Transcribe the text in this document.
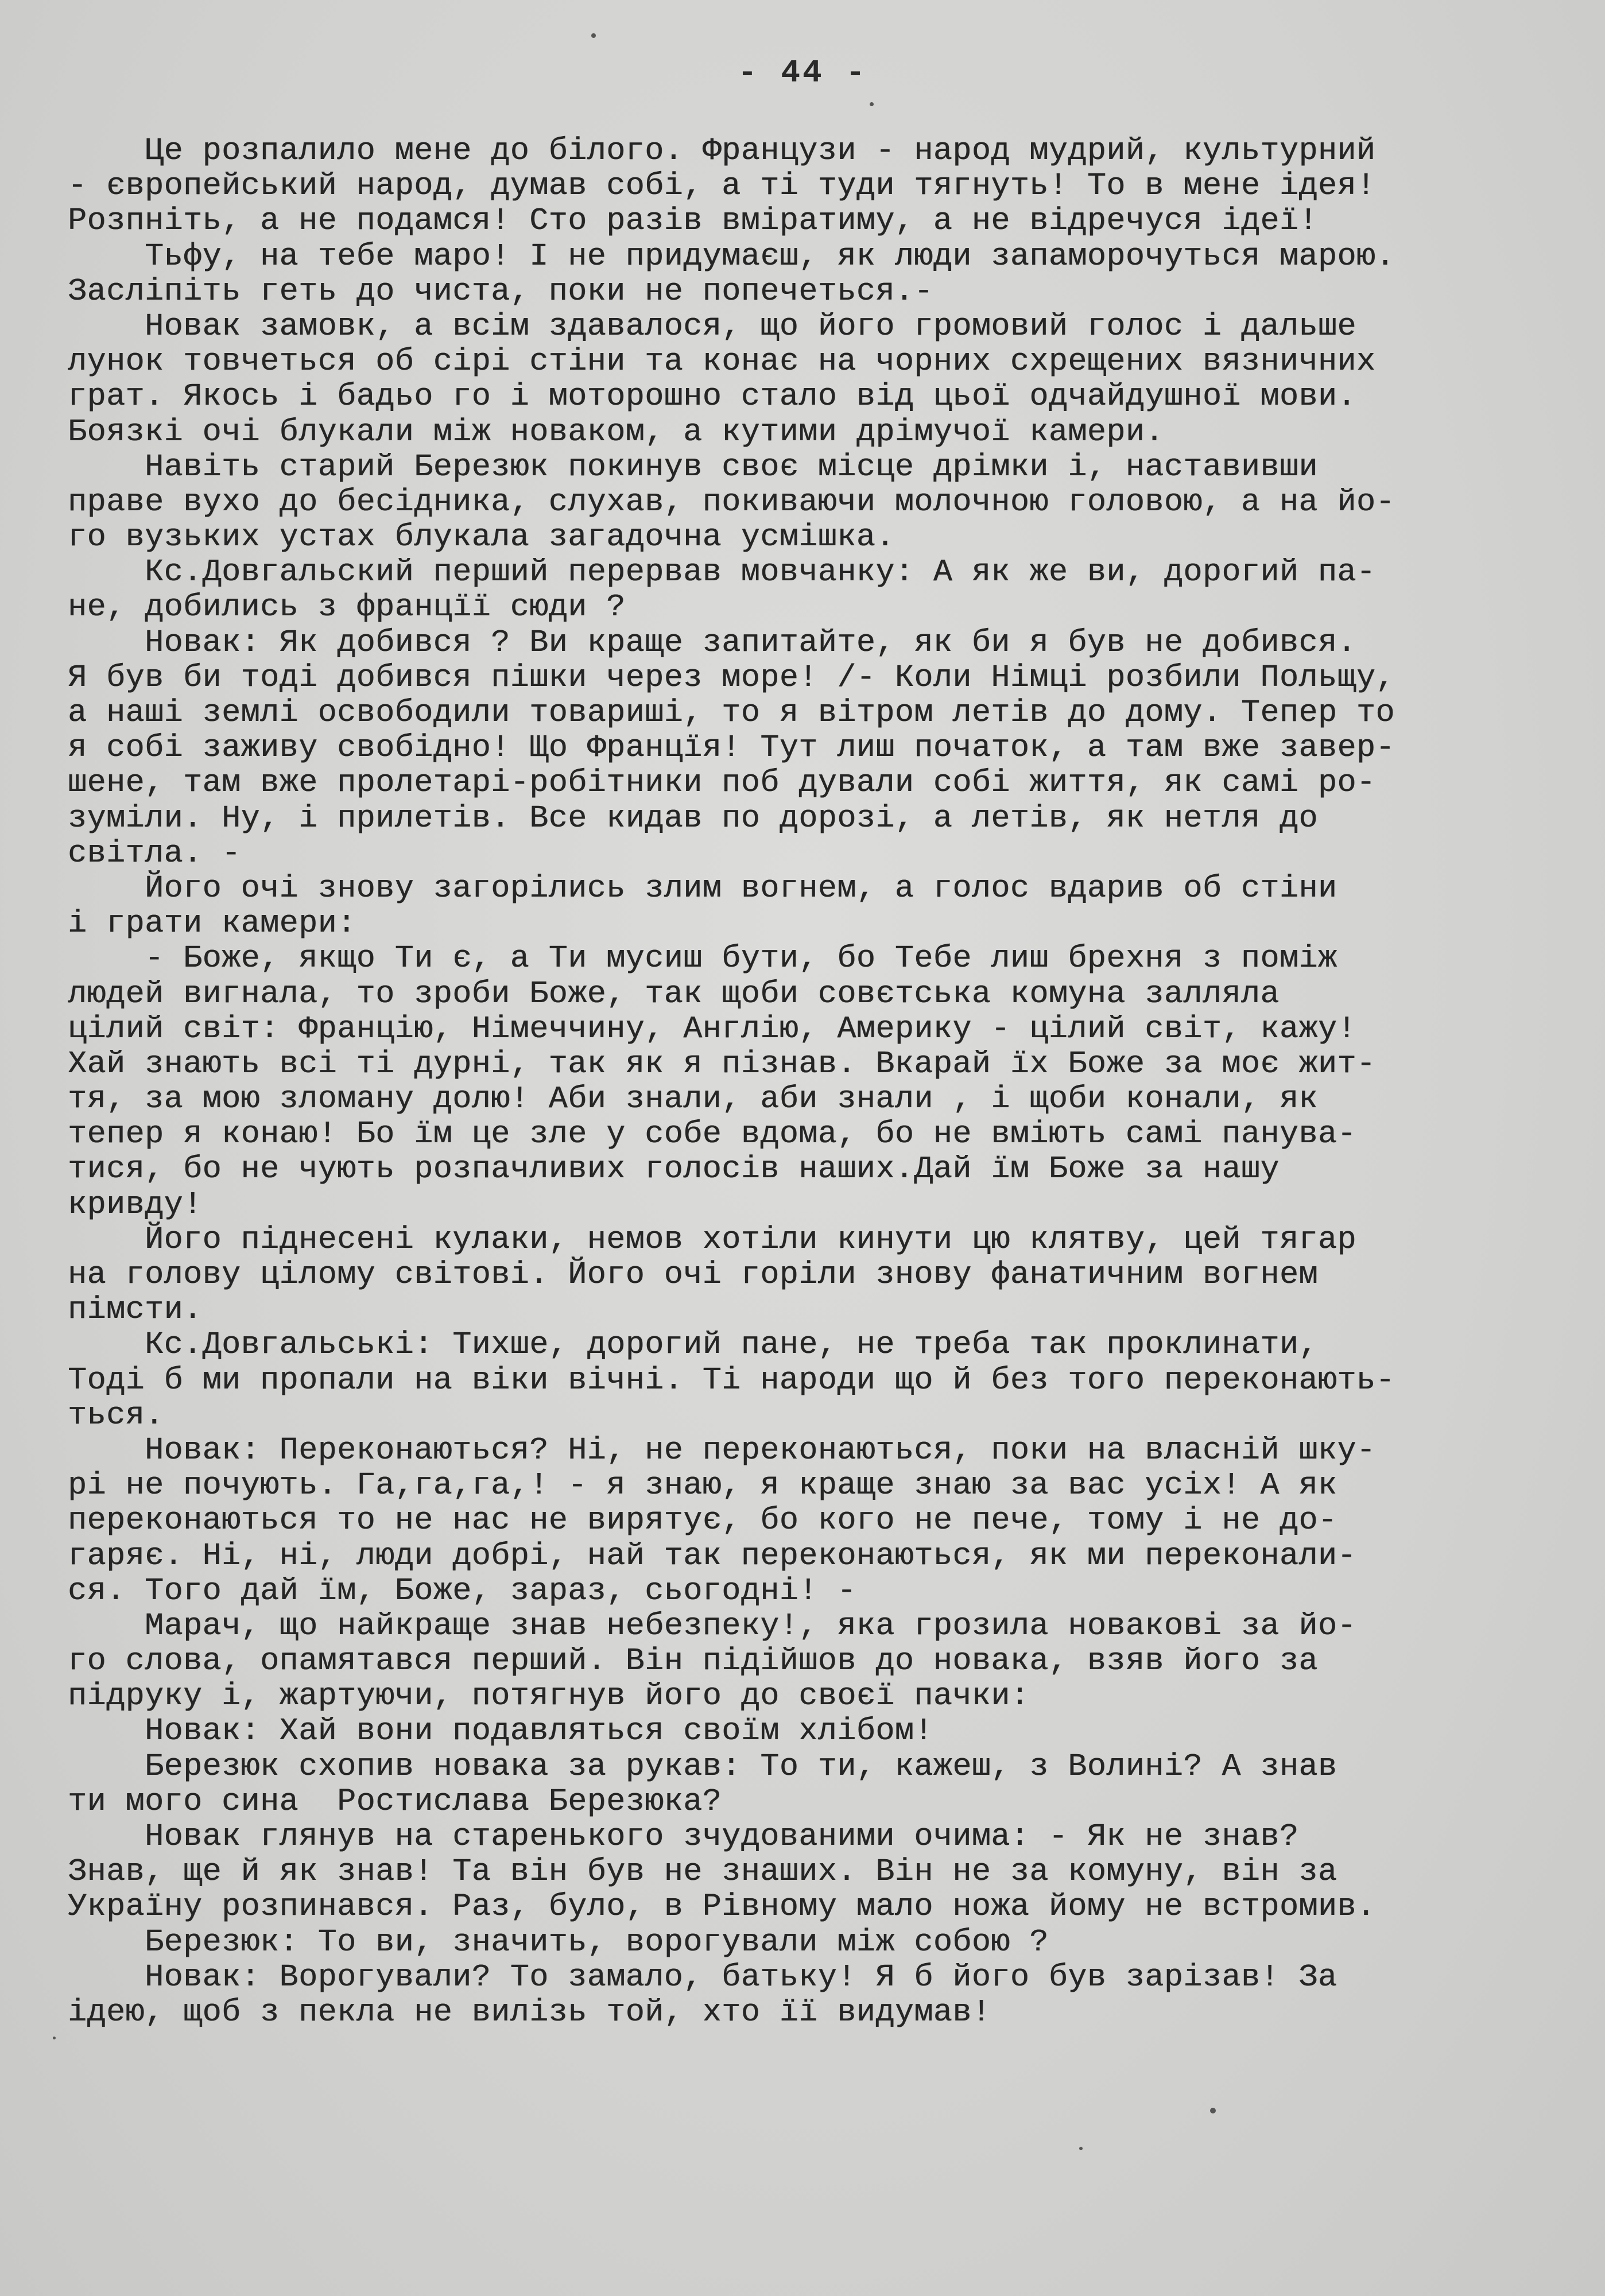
- 44 -
Це розпалило мене до білого. Французи - народ мудрий, культурний
- європейський народ, думав собі, а ті туди тягнуть! То в мене ідея!
Розпніть, а не подамся! Сто разів вміратиму, а не відречуся ідеї!
Тьфу, на тебе маро! І не придумаєш, як люди запаморочуться марою.
Засліпіть геть до чиста, поки не попечеться.-
Новак замовк, а всім здавалося, що його громовий голос і дальше
лунок товчеться об сірі стіни та конає на чорних схрещених вязничних
грат. Якось і бадьо го і моторошно стало від цьої одчайдушної мови.
Боязкі очі блукали між новаком, а кутими дрімучої камери.
Навіть старий Березюк покинув своє місце дрімки і, наставивши
праве вухо до бесідника, слухав, покиваючи молочною головою, а на йо-
го вузьких устах блукала загадочна усмішка.
Кс.Довгальский перший перервав мовчанку: А як же ви, дорогий па-
не, добились з францїї сюди ?
Новак: Як добився ? Ви краще запитайте, як би я був не добився.
Я був би тоді добився пішки через море! /- Коли Німці розбили Польщу,
а наші землі освободили товариші, то я вітром летів до дому. Тепер то
я собі заживу свобідно! Що Францїя! Тут лиш початок, а там вже завер-
шене, там вже пролетарі-робітники поб дували собі життя, як самі ро-
зуміли. Ну, і прилетів. Все кидав по дорозі, а летів, як нетля до
світла. -
Його очі знову загорілись злим вогнем, а голос вдарив об стіни
і грати камери:
- Боже, якщо Ти є, а Ти мусиш бути, бо Тебе лиш брехня з помiж
людей вигнала, то зроби Боже, так щоби совєтська комуна залляла
цілий світ: Францію, Німеччину, Англію, Америку - цілий світ, кажу!
Хай знають всі ті дурні, так як я пізнав. Вкарай їх Боже за моє жит-
тя, за мою зломану долю! Аби знали, аби знали , і щоби конали, як
тепер я конаю! Бо їм це зле у собе вдома, бо не вміють самі панува-
тися, бо не чують розпачливих голосів наших.Дай їм Боже за нашу
кривду!
Його піднесені кулаки, немов хотіли кинути цю клятву, цей тягар
на голову цілому світові. Його очі горіли знову фанатичним вогнем
пімсти.
Кс.Довгальські: Тихше, дорогий пане, не треба так проклинати,
Тоді б ми пропали на віки вічні. Ті народи що й без того переконають-
ться.
Новак: Переконаються? Ні, не переконаються, поки на власній шку-
рі не почують. Га,га,га,! - я знаю, я краще знаю за вас усіх! А як
переконаються то не нас не вирятує, бо кого не пече, тому і не до-
гаряє. Ні, ні, люди добрі, най так переконаються, як ми переконали-
ся. Того дай їм, Боже, зараз, сьогодні! -
Марач, що найкраще знав небезпеку!, яка грозила новакові за йо-
го слова, опамятався перший. Він підійшов до новака, взяв його за
підруку і, жартуючи, потягнув його до своєї пачки:
Новак: Хай вони подавляться своїм хлібом!
Березюк схопив новака за рукав: То ти, кажеш, з Волині? А знав
ти мого сина  Ростислава Березюка?
Новак глянув на старенького зчудованими очима: - Як не знав?
Знав, ще й як знав! Та він був не знаших. Він не за комуну, він за
Україну розпинався. Раз, було, в Рівному мало ножа йому не встромив.
Березюк: То ви, значить, ворогували між собою ?
Новак: Ворогували? То замало, батьку! Я б його був зарізав! За
ідею, щоб з пекла не вилізь той, хто її видумав!
